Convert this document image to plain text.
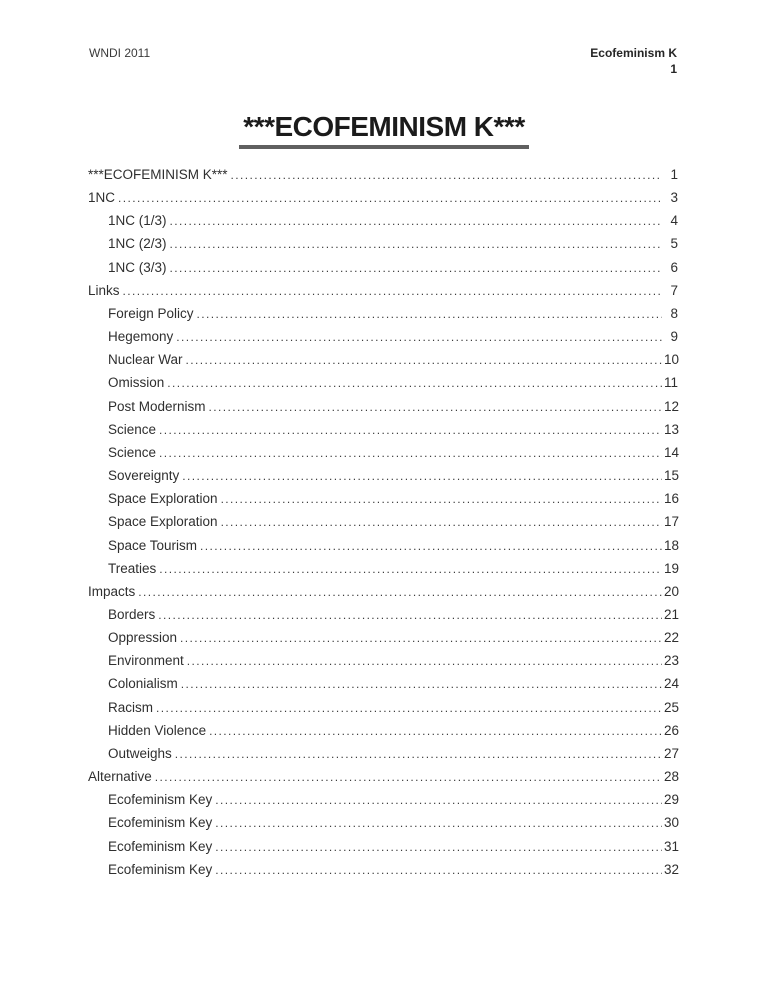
WNDI 2011	Ecofeminism K
1
***ECOFEMINISM K***
***ECOFEMINISM K*** .....	1
1NC .....	3
1NC (1/3) .....	4
1NC (2/3) .....	5
1NC (3/3) .....	6
Links .....	7
Foreign Policy .....	8
Hegemony .....	9
Nuclear War .....	10
Omission .....	11
Post Modernism .....	12
Science .....	13
Science .....	14
Sovereignty .....	15
Space Exploration .....	16
Space Exploration .....	17
Space Tourism .....	18
Treaties .....	19
Impacts .....	20
Borders .....	21
Oppression .....	22
Environment .....	23
Colonialism .....	24
Racism .....	25
Hidden Violence .....	26
Outweighs .....	27
Alternative .....	28
Ecofeminism Key .....	29
Ecofeminism Key .....	30
Ecofeminism Key .....	31
Ecofeminism Key .....	32
